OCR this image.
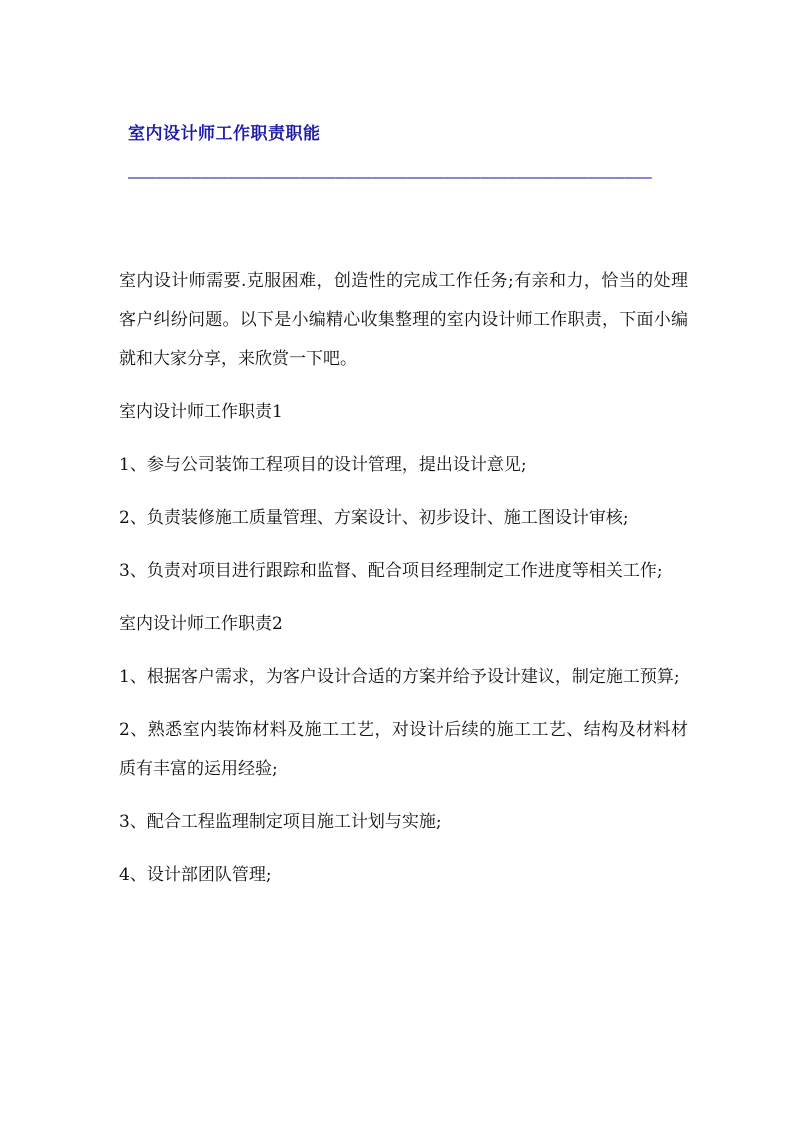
室内设计师工作职责职能
——————————————————————————————————————————————————————————

室内设计师需要.克服困难，创造性的完成工作任务;有亲和力，恰当的处理客户纠纷问题。以下是小编精心收集整理的室内设计师工作职责，下面小编就和大家分享，来欣赏一下吧。

室内设计师工作职责1

1、参与公司装饰工程项目的设计管理，提出设计意见;

2、负责装修施工质量管理、方案设计、初步设计、施工图设计审核;

3、负责对项目进行跟踪和监督、配合项目经理制定工作进度等相关工作;

室内设计师工作职责2

1、根据客户需求，为客户设计合适的方案并给予设计建议，制定施工预算;

2、熟悉室内装饰材料及施工工艺，对设计后续的施工工艺、结构及材料材质有丰富的运用经验;

3、配合工程监理制定项目施工计划与实施;

4、设计部团队管理;
